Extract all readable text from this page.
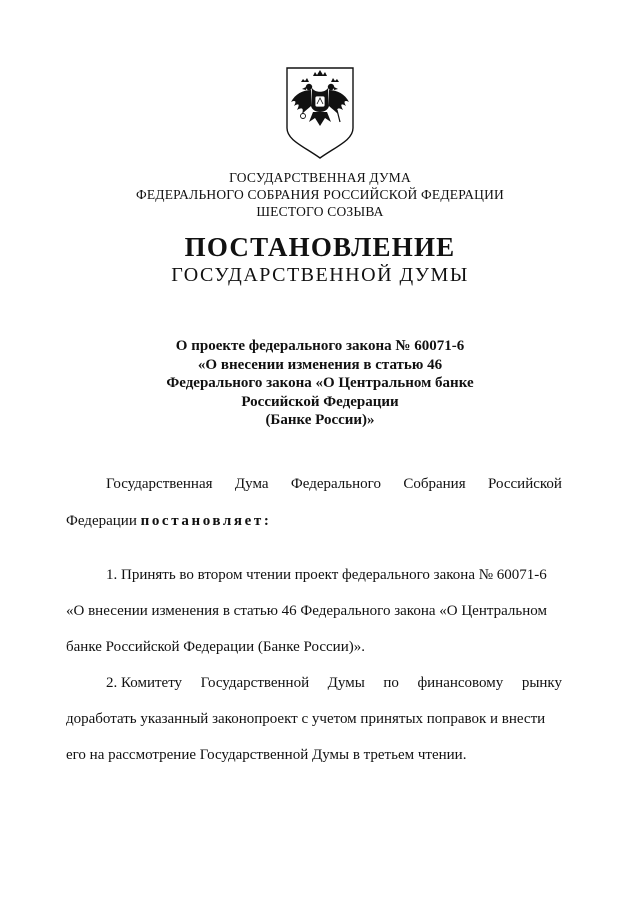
ГОСУДАРСТВЕННАЯ ДУМА
ФЕДЕРАЛЬНОГО СОБРАНИЯ РОССИЙСКОЙ ФЕДЕРАЦИИ
ШЕСТОГО СОЗЫВА
ПОСТАНОВЛЕНИЕ
ГОСУДАРСТВЕННОЙ ДУМЫ
О проекте федерального закона № 60071-6
«О внесении изменения в статью 46
Федерального закона «О Центральном банке
Российской Федерации
(Банке России)»
Государственная Дума Федерального Собрания Российской
Федерации постановляет:
1. Принять во втором чтении проект федерального закона № 60071-6
«О внесении изменения в статью 46 Федерального закона «О Центральном
банке Российской Федерации (Банке России)».
2. Комитету Государственной Думы по финансовому рынку
доработать указанный законопроект с учетом принятых поправок и внести
его на рассмотрение Государственной Думы в третьем чтении.
